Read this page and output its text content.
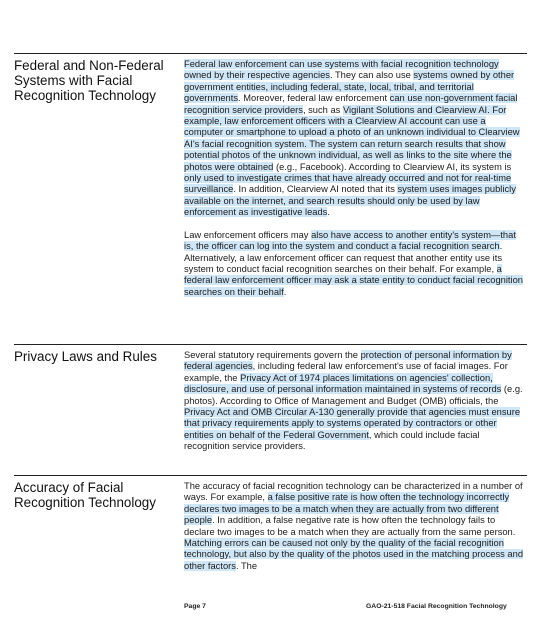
Federal and Non-Federal Systems with Facial Recognition Technology

Federal law enforcement can use systems with facial recognition technology owned by their respective agencies. They can also use systems owned by other government entities, including federal, state, local, tribal, and territorial governments. Moreover, federal law enforcement can use non-government facial recognition service providers, such as Vigilant Solutions and Clearview AI. For example, law enforcement officers with a Clearview AI account can use a computer or smartphone to upload a photo of an unknown individual to Clearview AI's facial recognition system. The system can return search results that show potential photos of the unknown individual, as well as links to the site where the photos were obtained (e.g., Facebook). According to Clearview AI, its system is only used to investigate crimes that have already occurred and not for real-time surveillance. In addition, Clearview AI noted that its system uses images publicly available on the internet, and search results should only be used by law enforcement as investigative leads.

Law enforcement officers may also have access to another entity's system—that is, the officer can log into the system and conduct a facial recognition search. Alternatively, a law enforcement officer can request that another entity use its system to conduct facial recognition searches on their behalf. For example, a federal law enforcement officer may ask a state entity to conduct facial recognition searches on their behalf.

Privacy Laws and Rules	Several statutory requirements govern the protection of personal information by federal agencies, including federal law enforcement's use of facial images. For example, the Privacy Act of 1974 places limitations on agencies' collection, disclosure, and use of personal information maintained in systems of records (e.g. photos). According to Office of Management and Budget (OMB) officials, the Privacy Act and OMB Circular A-130 generally provide that agencies must ensure that privacy requirements apply to systems operated by contractors or other entities on behalf of the Federal Government, which could include facial recognition service providers.

Accuracy of Facial Recognition Technology

The accuracy of facial recognition technology can be characterized in a number of ways. For example, a false positive rate is how often the technology incorrectly declares two images to be a match when they are actually from two different people. In addition, a false negative rate is how often the technology fails to declare two images to be a match when they are actually from the same person. Matching errors can be caused not only by the quality of the facial recognition technology, but also by the quality of the photos used in the matching process and other factors. The

Page 7	GAO-21-518 Facial Recognition Technology
